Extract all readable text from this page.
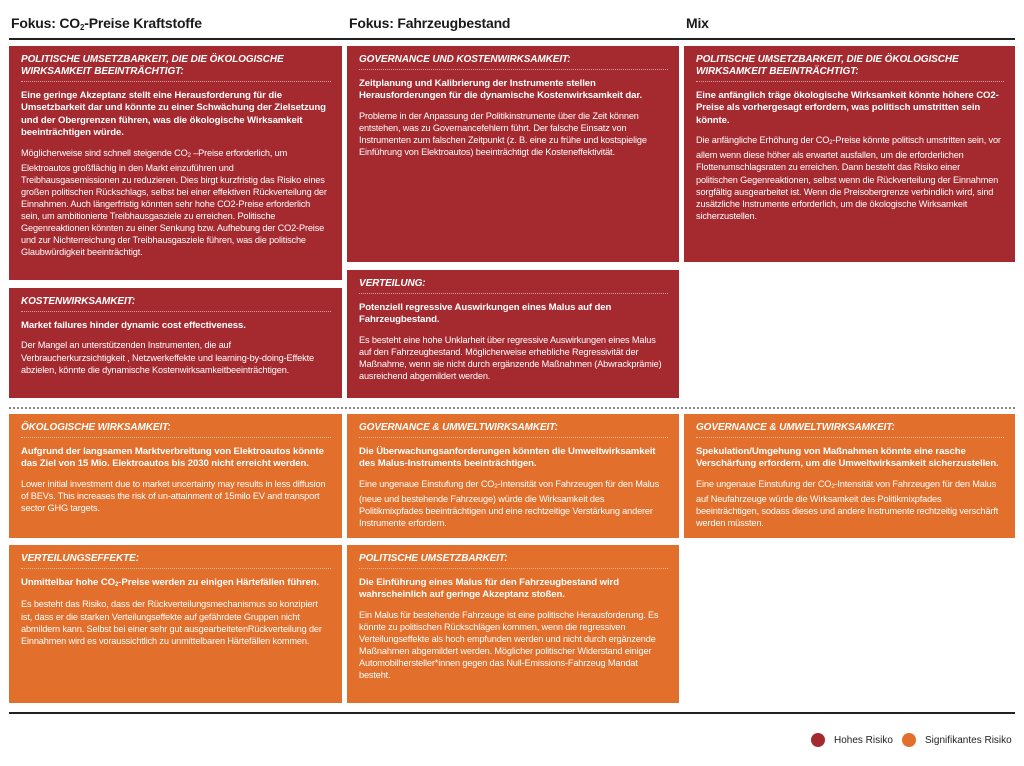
Fokus: $CO_2$-Preise Kraftstoffe	Fokus: Fahrzeugbestand	Mix
POLITISCHE UMSETZBARKEIT, DIE DIE ÖKOLOGISCHE WIRKSAMKEIT BEEINTRÄCHTIGT:
Eine geringe Akzeptanz stellt eine Herausforderung für die Umsetzbarkeit dar und könnte zu einer Schwächung der Zielsetzung und der Obergrenzen führen, was die ökologische Wirksamkeit beeinträchtigen würde.
Möglicherweise sind schnell steigende $CO_2$ –Preise erforderlich, um Elektroautos großflächig in den Markt einzuführen und Treibhausgasemissionen zu reduzieren. Dies birgt kurzfristig das Risiko eines großen politischen Rückschlags, selbst bei einer effektiven Rückverteilung der Einnahmen. Auch längerfristig könnten sehr hohe CO2-Preise erforderlich sein, um ambitionierte Treibhausgasziele zu erreichen. Politische Gegenreaktionen könnten zu einer Senkung bzw. Aufhebung der CO2-Preise und zur Nichterreichung der Treibhausgasziele führen, was die politische Glaubwürdigkeit beeinträchtigt.
KOSTENWIRKSAMKEIT:
Market failures hinder dynamic cost effectiveness.
Der Mangel an unterstützenden Instrumenten, die auf Verbraucherkurzsichtigkeit , Netzwerkeffekte und learning-by-doing-Effekte abzielen, könnte die dynamische Kostenwirksamkeitbeeinträchtigen.
GOVERNANCE UND KOSTENWIRKSAMKEIT:
Zeitplanung und Kalibrierung der Instrumente stellen Herausforderungen für die dynamische Kostenwirksamkeit dar.
Probleme in der Anpassung der Politikinstrumente über die Zeit können entstehen, was zu Governancefehlern führt. Der falsche Einsatz von Instrumenten zum falschen Zeitpunkt (z. B. eine zu frühe und kostspielige Einführung von Elektroautos) beeinträchtigt die Kosteneffektivität.
VERTEILUNG:
Potenziell regressive Auswirkungen eines Malus auf den Fahrzeugbestand.
Es besteht eine hohe Unklarheit über regressive Auswirkungen eines Malus auf den Fahrzeugbestand. Möglicherweise erhebliche Regressivität der Maßnahme, wenn sie nicht durch ergänzende Maßnahmen (Abwrackprämie) ausreichend abgemildert werden.
POLITISCHE UMSETZBARKEIT, DIE DIE ÖKOLOGISCHE WIRKSAMKEIT BEEINTRÄCHTIGT:
Eine anfänglich träge ökologische Wirksamkeit könnte höhere CO2-Preise als vorhergesagt erfordern, was politisch umstritten sein könnte.
Die anfängliche Erhöhung der $CO_2$-Preise könnte politisch umstritten sein, vor allem wenn diese höher als erwartet ausfallen, um die erforderlichen Flottenumschlagsraten zu erreichen. Dann besteht das Risiko einer politischen Gegenreaktionen, selbst wenn die Rückverteilung der Einnahmen sorgfältig ausgearbeitet ist. Wenn die Preisobergrenze verbindlich wird, sind zusätzliche Instrumente erforderlich, um die ökologische Wirksamkeit sicherzustellen.
ÖKOLOGISCHE WIRKSAMKEIT:
Aufgrund der langsamen Marktverbreitung von Elektroautos könnte das Ziel von 15 Mio. Elektroautos bis 2030 nicht erreicht werden.
Lower initial investment due to market uncertainty may results in less diffusion of BEVs. This increases the risk of un-attainment of 15milo EV and transport sector GHG targets.
VERTEILUNGSEFFEKTE:
Unmittelbar hohe $CO_2$-Preise werden zu einigen Härtefällen führen.
Es besteht das Risiko, dass der Rückverteilungsmechanismus so konzipiert ist, dass er die starken Verteilungseffekte auf gefährdete Gruppen nicht abmildern kann. Selbst bei einer sehr gut ausgearbeitetenRückverteilung der Einnahmen wird es voraussichtlich zu unmittelbaren Härtefällen kommen.
GOVERNANCE & UMWELTWIRKSAMKEIT:
Die Überwachungsanforderungen könnten die Umweltwirksamkeit des Malus-Instruments beeinträchtigen.
Eine ungenaue Einstufung der $CO_2$-Intensität von Fahrzeugen für den Malus (neue und bestehende Fahrzeuge) würde die Wirksamkeit des Politikmixpfades beeinträchtigen und eine rechtzeitige Verstärkung anderer Instrumente erfordern.
POLITISCHE UMSETZBARKEIT:
Die Einführung eines Malus für den Fahrzeugbestand wird wahrscheinlich auf geringe Akzeptanz stoßen.
Ein Malus für bestehende Fahrzeuge ist eine politische Herausforderung. Es könnte zu politischen Rückschlägen kommen, wenn die regressiven Verteilungseffekte als hoch empfunden werden und nicht durch ergänzende Maßnahmen abgemildert werden. Möglicher politischer Widerstand einiger Automobilhersteller*innen gegen das Null-Emissions-Fahrzeug Mandat besteht.
GOVERNANCE & UMWELTWIRKSAMKEIT:
Spekulation/Umgehung von Maßnahmen könnte eine rasche Verschärfung erfordern, um die Umweltwirksamkeit sicherzustellen.
Eine ungenaue Einstufung der $CO_2$-Intensität von Fahrzeugen für den Malus auf Neufahrzeuge würde die Wirksamkeit des Politikmixpfades beeinträchtigen, sodass dieses und andere Instrumente rechtzeitig verschärft werden müssten.
Hohes Risiko	Signifikantes Risiko
